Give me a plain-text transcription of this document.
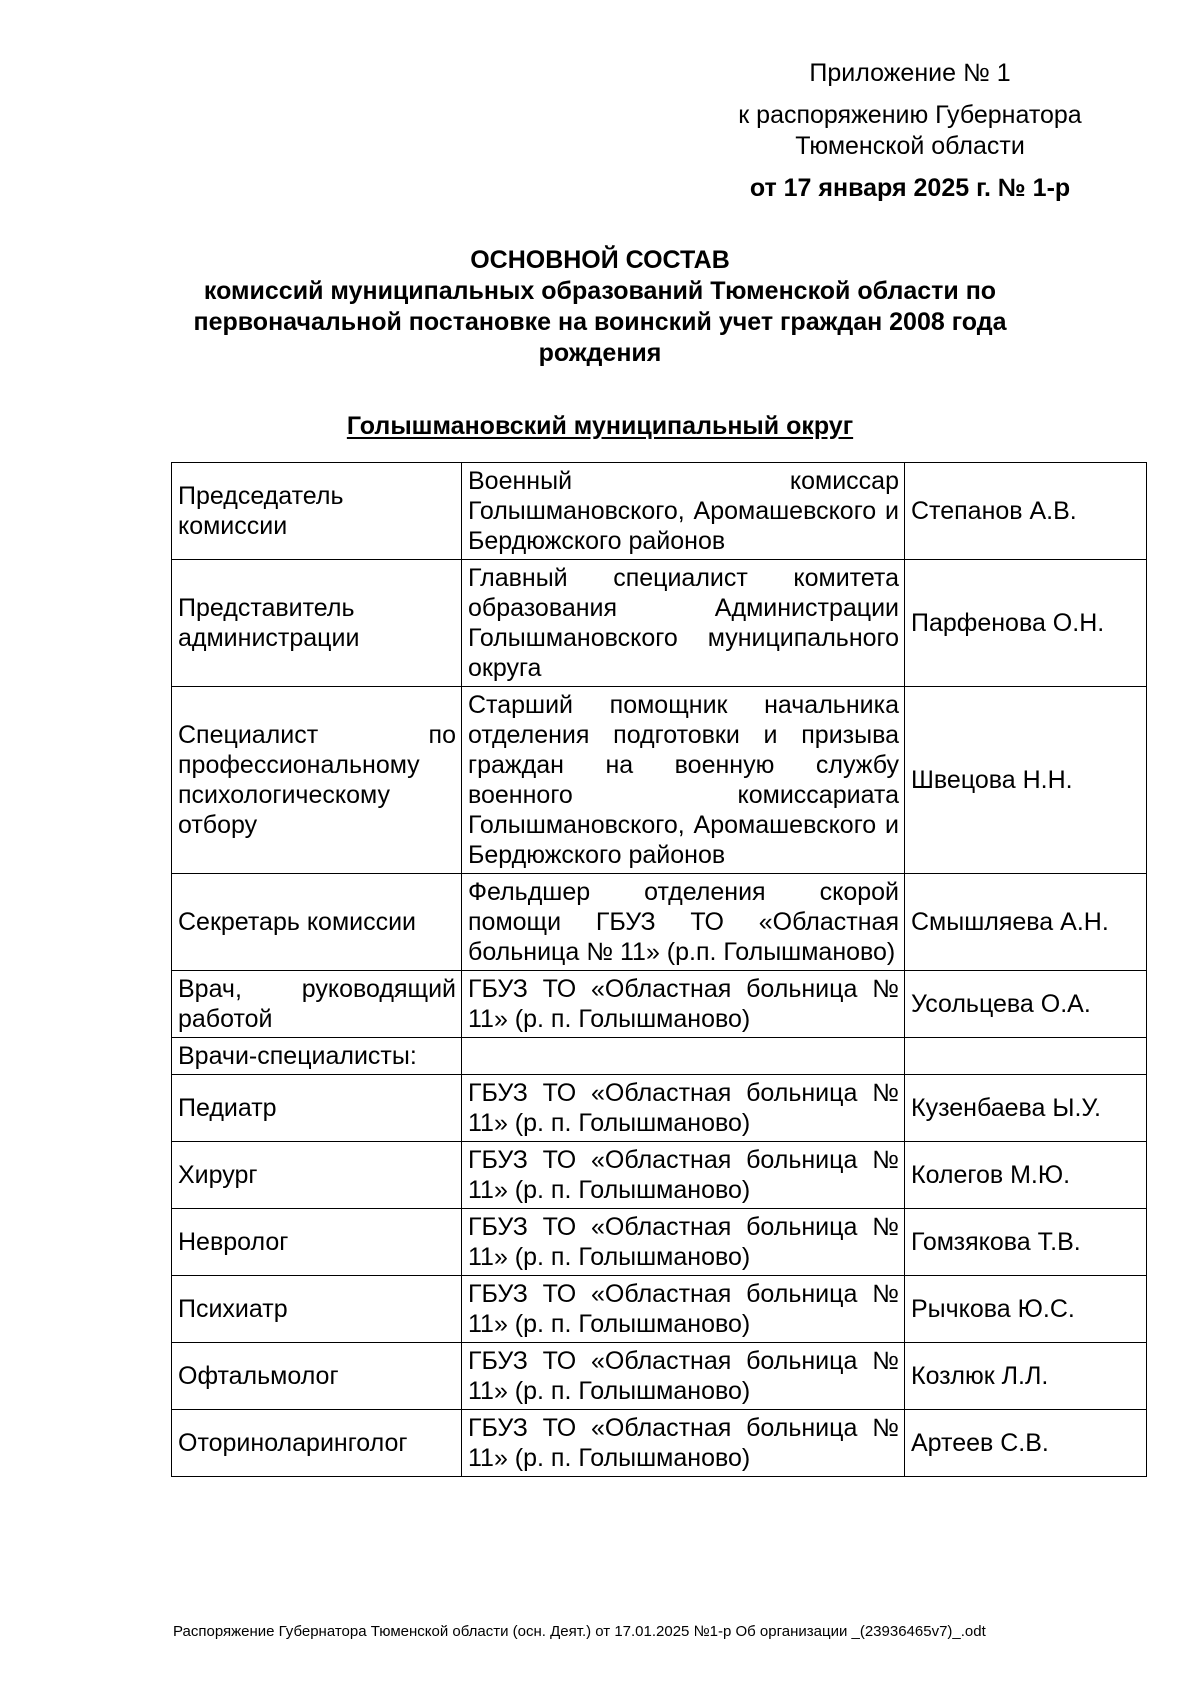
Приложение № 1
к распоряжению Губернатора Тюменской области
от 17 января 2025 г. № 1-р
ОСНОВНОЙ СОСТАВ
комиссий муниципальных образований Тюменской области по первоначальной постановке на воинский учет граждан 2008 года рождения
Голышмановский муниципальный округ
Председатель комиссии	Военный комиссар Голышмановского, Аромашевского и Бердюжского районов	Степанов А.В.
Представитель администрации	Главный специалист комитета образования Администрации Голышмановского муниципального округа	Парфенова О.Н.
Специалист по профессиональному психологическому отбору	Старший помощник начальника отделения подготовки и призыва граждан на военную службу военного комиссариата Голышмановского, Аромашевского и Бердюжского районов	Швецова Н.Н.
Секретарь комиссии	Фельдшер отделения скорой помощи ГБУЗ ТО «Областная больница № 11» (р.п. Голышманово)	Смышляева А.Н.
Врач, руководящий работой	ГБУЗ ТО «Областная больница № 11» (р. п. Голышманово)	Усольцева О.А.
Врачи-специалисты:		
Педиатр	ГБУЗ ТО «Областная больница № 11» (р. п. Голышманово)	Кузенбаева Ы.У.
Хирург	ГБУЗ ТО «Областная больница № 11» (р. п. Голышманово)	Колегов М.Ю.
Невролог	ГБУЗ ТО «Областная больница № 11» (р. п. Голышманово)	Гомзякова Т.В.
Психиатр	ГБУЗ ТО «Областная больница № 11» (р. п. Голышманово)	Рычкова Ю.С.
Офтальмолог	ГБУЗ ТО «Областная больница № 11» (р. п. Голышманово)	Козлюк Л.Л.
Оториноларинголог	ГБУЗ ТО «Областная больница № 11» (р. п. Голышманово)	Артеев С.В.
Распоряжение Губернатора Тюменской области (осн. Деят.) от 17.01.2025 №1-р Об организации _(23936465v7)_.odt
